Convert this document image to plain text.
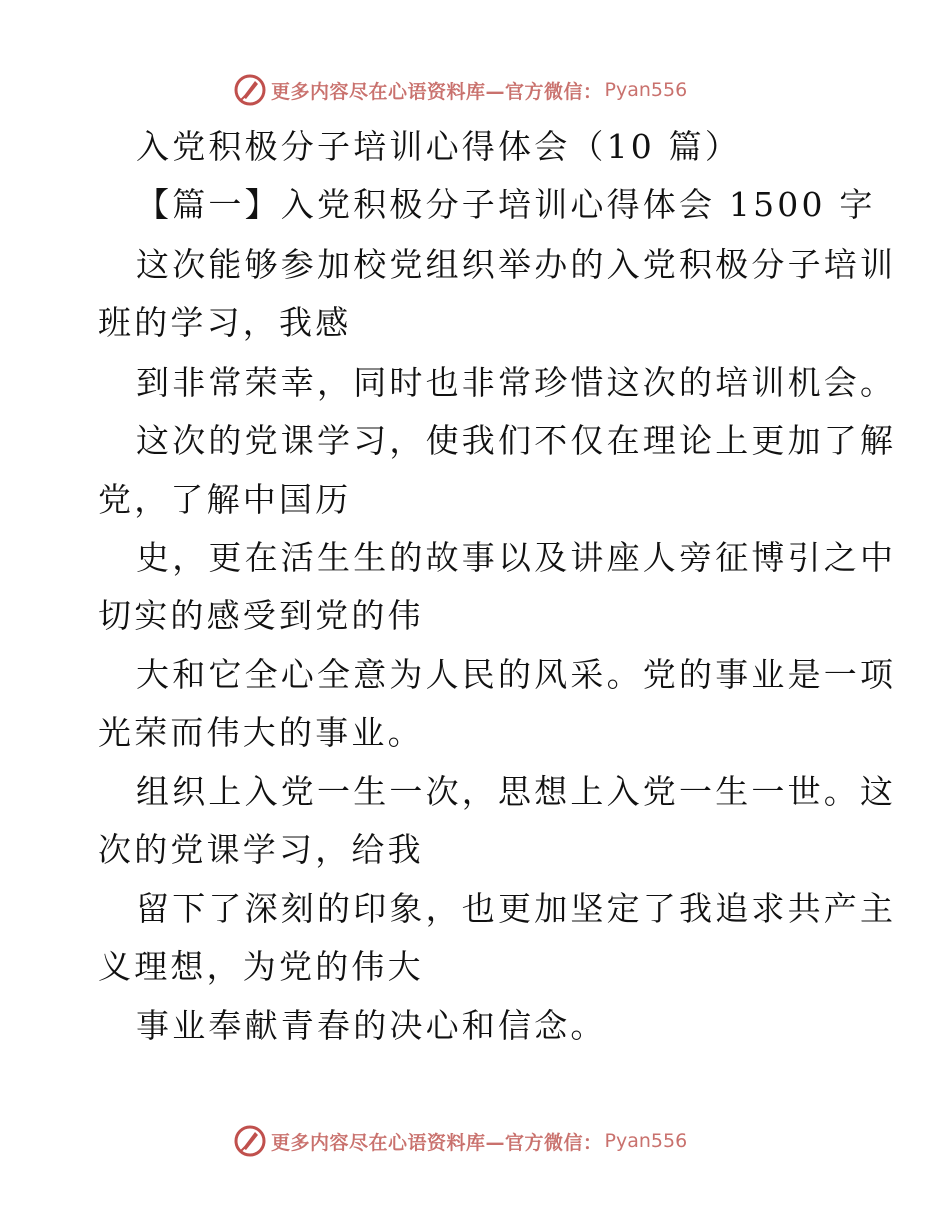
更多内容尽在心语资料库—官方微信： Pyan556
入党积极分子培训心得体会（10 篇）
【篇一】入党积极分子培训心得体会 1500 字
这次能够参加校党组织举办的入党积极分子培训
班的学习，我感
到非常荣幸，同时也非常珍惜这次的培训机会。
这次的党课学习，使我们不仅在理论上更加了解
党，了解中国历
史，更在活生生的故事以及讲座人旁征博引之中
切实的感受到党的伟
大和它全心全意为人民的风采。党的事业是一项
光荣而伟大的事业。
组织上入党一生一次，思想上入党一生一世。这
次的党课学习，给我
留下了深刻的印象，也更加坚定了我追求共产主
义理想，为党的伟大
事业奉献青春的决心和信念。
更多内容尽在心语资料库—官方微信： Pyan556
